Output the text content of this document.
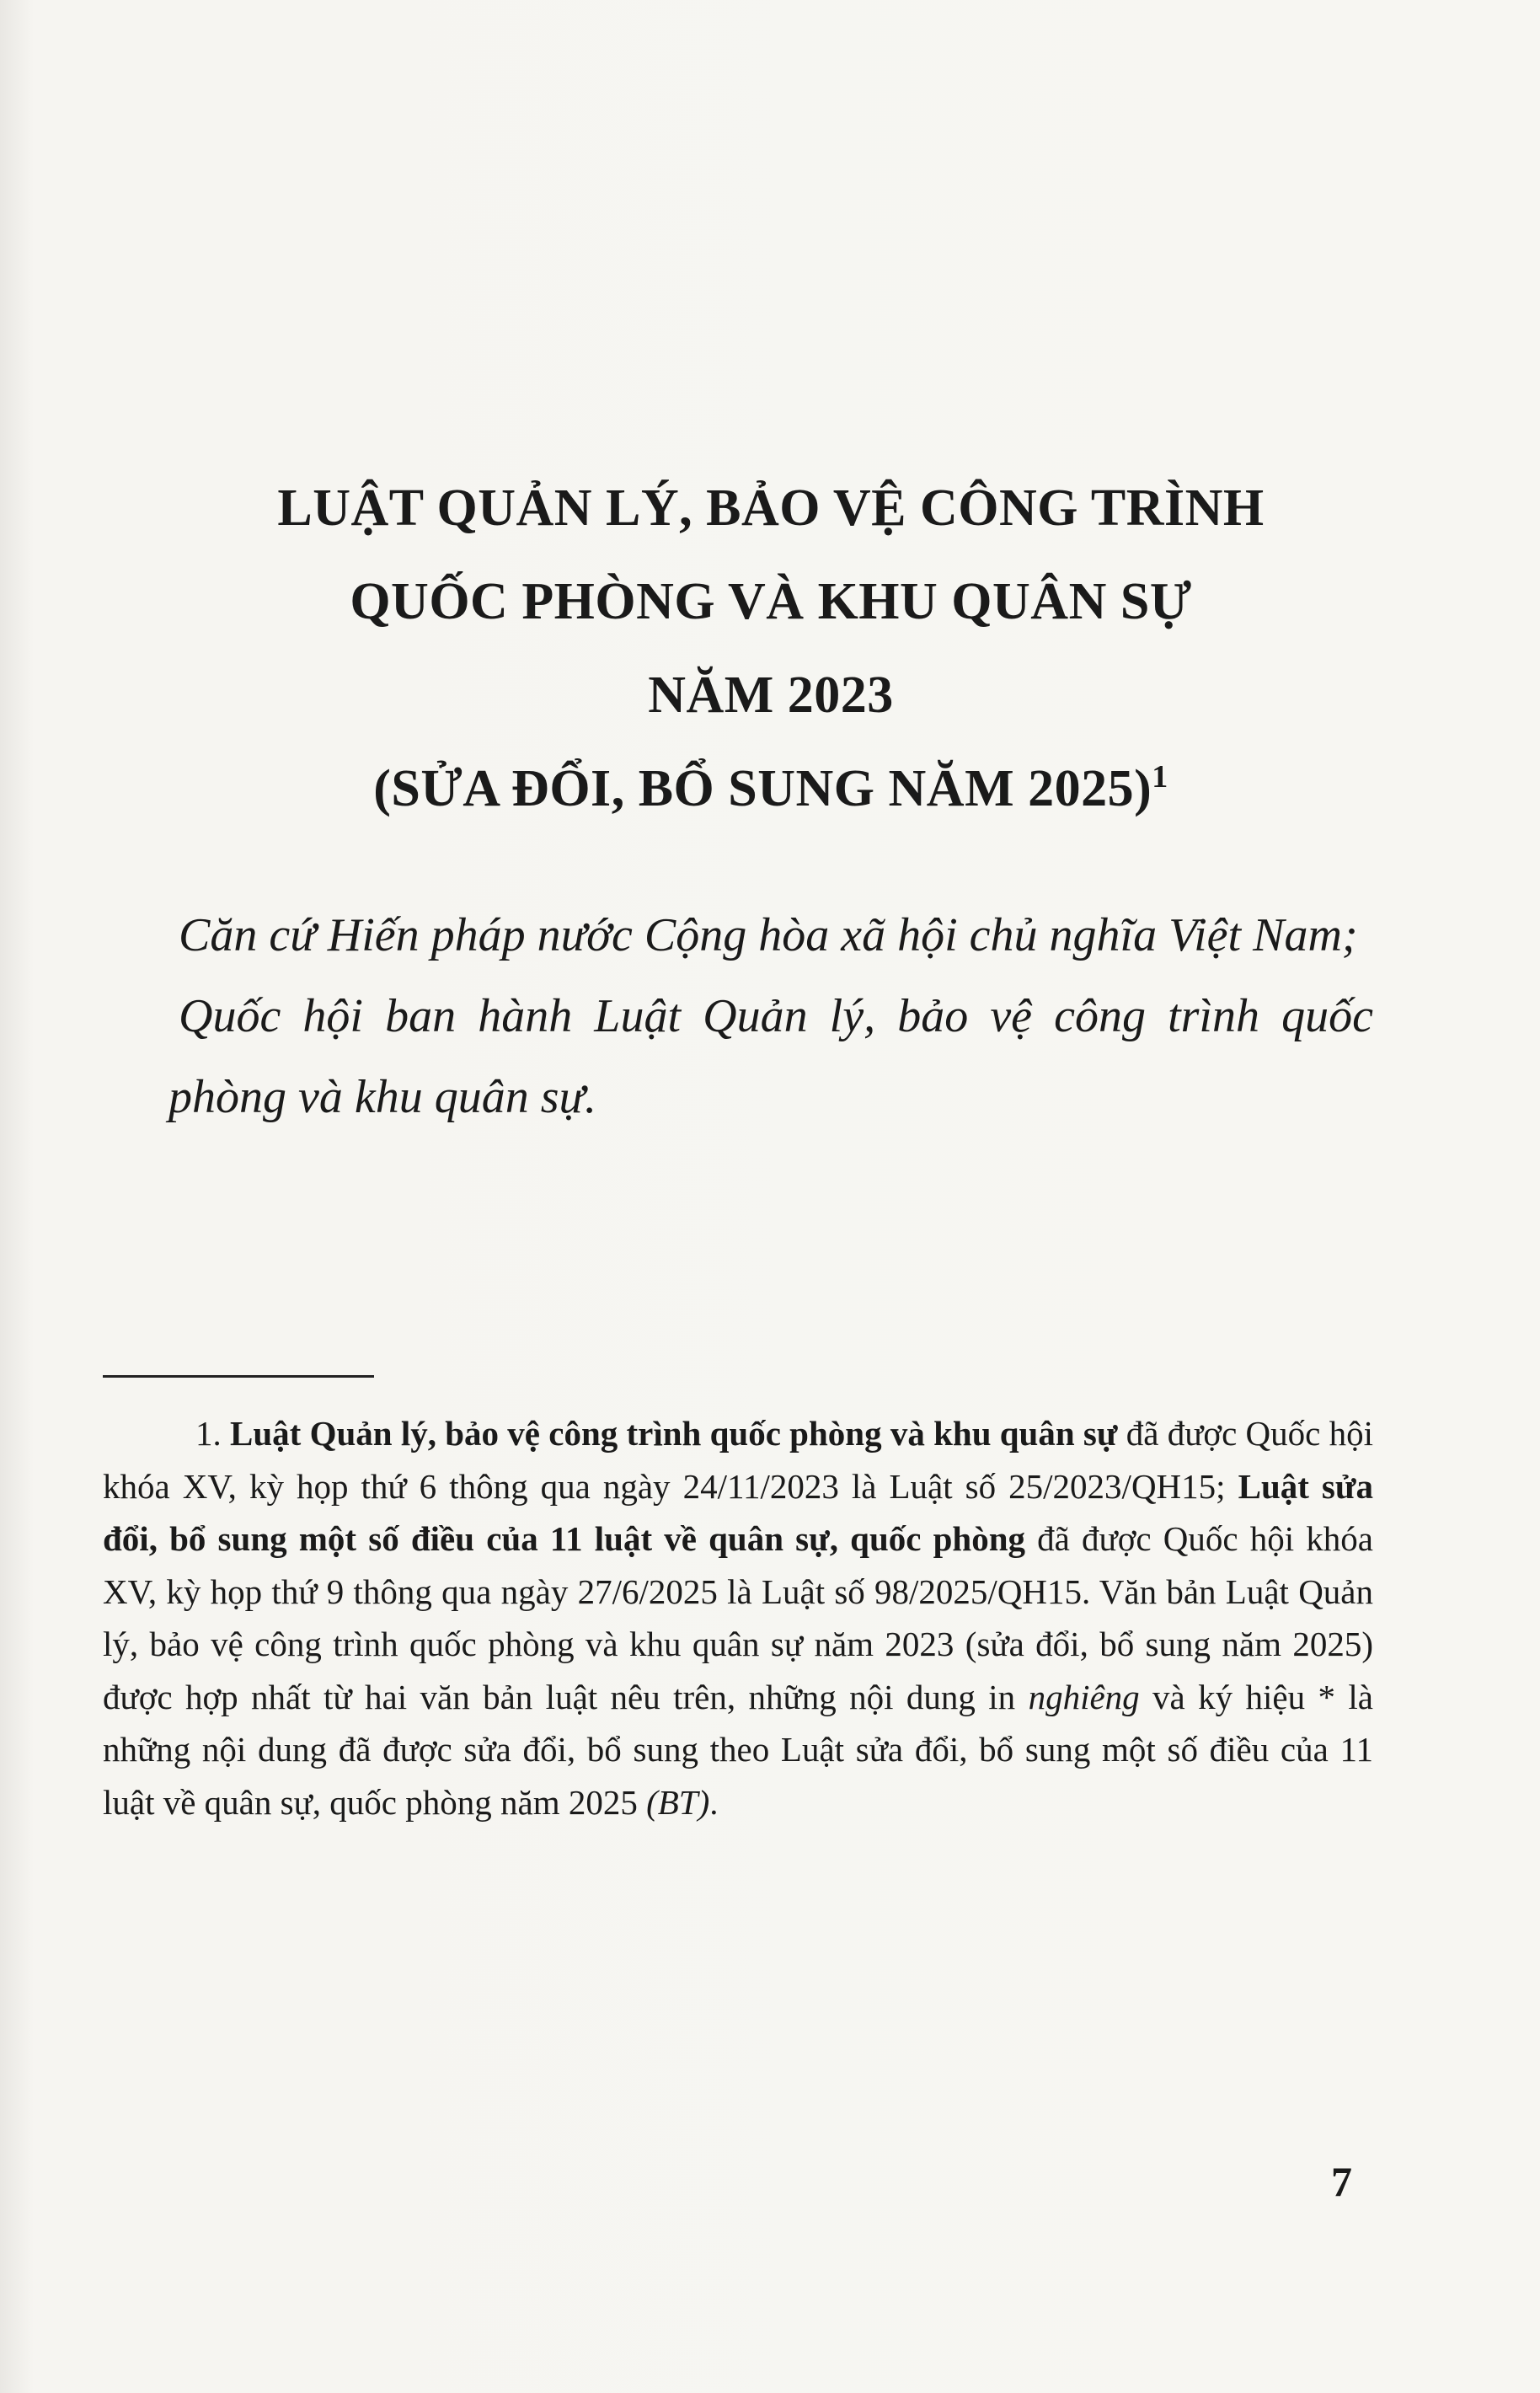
LUẬT QUẢN LÝ, BẢO VỆ CÔNG TRÌNH
QUỐC PHÒNG VÀ KHU QUÂN SỰ
NĂM 2023
(SỬA ĐỔI, BỔ SUNG NĂM 2025)$^1$

Căn cứ Hiến pháp nước Cộng hòa xã hội chủ nghĩa Việt Nam;

Quốc hội ban hành Luật Quản lý, bảo vệ công trình quốc phòng và khu quân sự.

1. Luật Quản lý, bảo vệ công trình quốc phòng và khu quân sự đã được Quốc hội khóa XV, kỳ họp thứ 6 thông qua ngày 24/11/2023 là Luật số 25/2023/QH15; Luật sửa đổi, bổ sung một số điều của 11 luật về quân sự, quốc phòng đã được Quốc hội khóa XV, kỳ họp thứ 9 thông qua ngày 27/6/2025 là Luật số 98/2025/QH15. Văn bản Luật Quản lý, bảo vệ công trình quốc phòng và khu quân sự năm 2023 (sửa đổi, bổ sung năm 2025) được hợp nhất từ hai văn bản luật nêu trên, những nội dung in nghiêng và ký hiệu * là những nội dung đã được sửa đổi, bổ sung theo Luật sửa đổi, bổ sung một số điều của 11 luật về quân sự, quốc phòng năm 2025 (BT).

7
